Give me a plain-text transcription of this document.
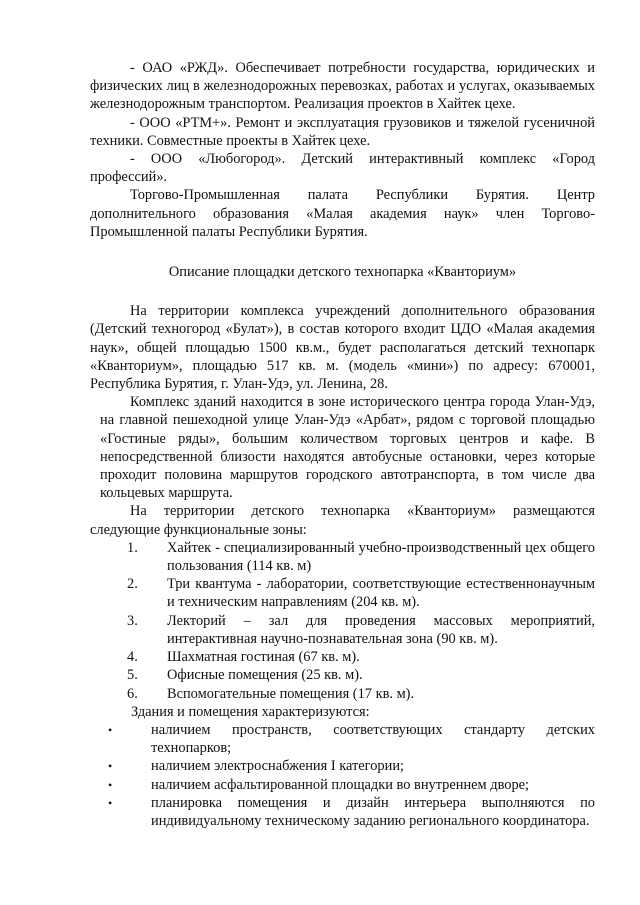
- ОАО «РЖД». Обеспечивает потребности государства, юридических и физических лиц в железнодорожных перевозках, работах и услугах, оказываемых железнодорожным транспортом. Реализация проектов в Хайтек цехе.

- ООО «РТМ+». Ремонт и эксплуатация грузовиков и тяжелой гусеничной техники. Совместные проекты в Хайтек цехе.

- ООО «Любогород». Детский интерактивный комплекс «Город профессий».

Торгово-Промышленная палата Республики Бурятия. Центр дополнительного образования «Малая академия наук» член Торгово-Промышленной палаты Республики Бурятия.

Описание площадки детского технопарка «Кванториум»

На территории комплекса учреждений дополнительного образования (Детский техногород «Булат»), в состав которого входит ЦДО «Малая академия наук», общей площадью 1500 кв.м., будет располагаться детский технопарк «Кванториум», площадью 517 кв. м. (модель «мини») по адресу: 670001, Республика Бурятия, г. Улан-Удэ, ул. Ленина, 28.

Комплекс зданий находится в зоне исторического центра города Улан-Удэ, на главной пешеходной улице Улан-Удэ «Арбат», рядом с торговой площадью «Гостиные ряды», большим количеством торговых центров и кафе. В непосредственной близости находятся автобусные остановки, через которые проходит половина маршрутов городского автотранспорта, в том числе два кольцевых маршрута.

На территории детского технопарка «Кванториум» размещаются следующие функциональные зоны:

1. Хайтек - специализированный учебно-производственный цех общего пользования (114 кв. м)
2. Три квантума - лаборатории, соответствующие естественнонаучным и техническим направлениям (204 кв. м).
3. Лекторий – зал для проведения массовых мероприятий, интерактивная научно-познавательная зона (90 кв. м).
4. Шахматная гостиная (67 кв. м).
5. Офисные помещения (25 кв. м).
6. Вспомогательные помещения (17 кв. м).

Здания и помещения характеризуются:

•	наличием пространств, соответствующих стандарту детских технопарков;
•	наличием электроснабжения I категории;
•	наличием асфальтированной площадки во внутреннем дворе;
•	планировка помещения и дизайн интерьера выполняются по индивидуальному техническому заданию регионального координатора.
